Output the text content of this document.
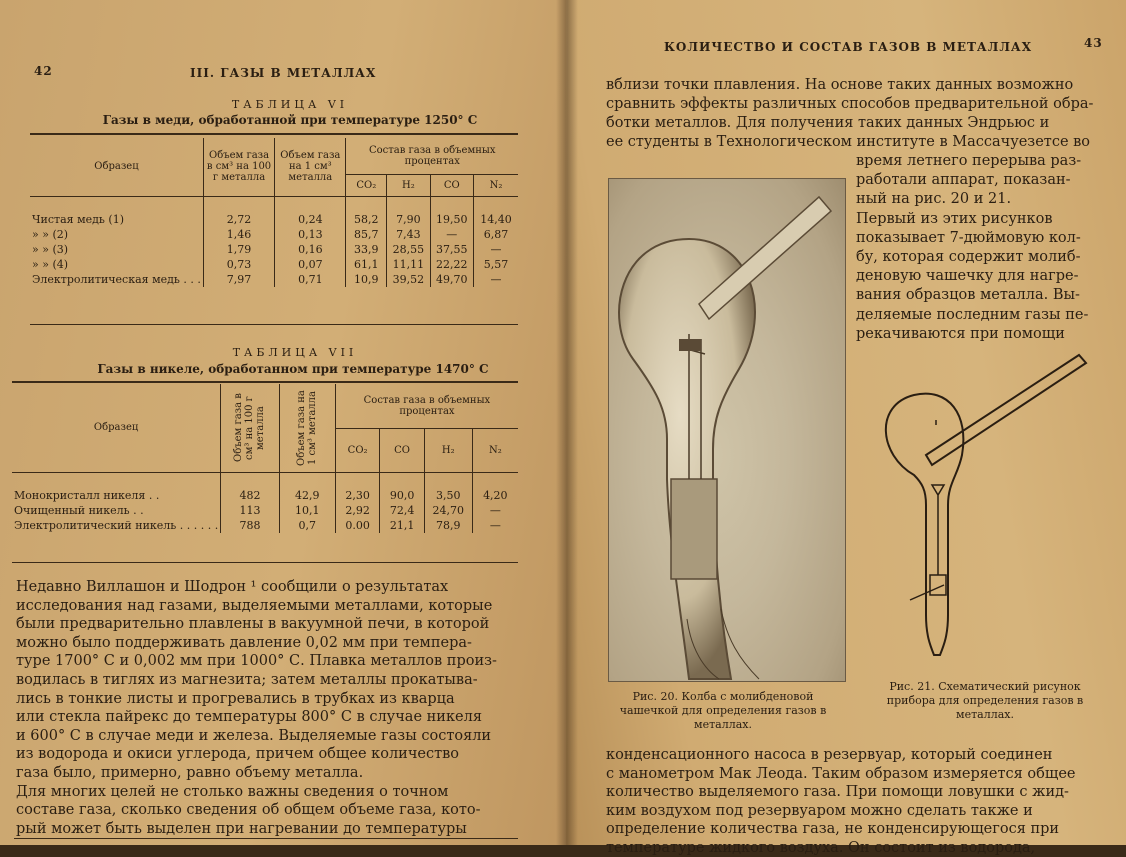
42	III. ГАЗЫ В МЕТАЛЛАХ
ТАБЛИЦА VI
Газы в меди, обработанной при температуре 1250° С
Образец	Объем газа в см³ на 100 г металла	Объем газа на 1 см³ металла	Состав газа в объемных процентах			
			CO₂	H₂	CO	N₂

Чистая медь (1)	2,72	0,24	58,2	7,90	19,50	14,40
» » (2)	1,46	0,13	85,7	7,43	—	6,87
» » (3)	1,79	0,16	33,9	28,55	37,55	—
» » (4)	0,73	0,07	61,1	11,11	22,22	5,57
Электролитическая медь . . .	7,97	0,71	10,9	39,52	49,70	—
ТАБЛИЦА VII
Газы в никеле, обработанном при температуре 1470° С
Образец	Объем газа в см³ на 100 г металла	Объем газа на 1 см³ металла	Состав газа в объемных процентах			
			CO₂	CO	H₂	N₂

Монокристалл никеля . .	482	42,9	2,30	90,0	3,50	4,20
Очищенный никель . .	113	10,1	2,92	72,4	24,70	—
Электролитический никель . . . . . .	788	0,7	0.00	21,1	78,9	—
Недавно Виллашон и Шодрон ¹ сообщили о результатах
исследования над газами, выделяемыми металлами, которые
были предварительно плавлены в вакуумной печи, в которой
можно было поддерживать давление 0,02 мм при темпера-
туре 1700° С и 0,002 мм при 1000° С. Плавка металлов произ-
водилась в тиглях из магнезита; затем металлы прокатыва-
лись в тонкие листы и прогревались в трубках из кварца
или стекла пайрекс до температуры 800° С в случае никеля
и 600° С в случае меди и железа. Выделяемые газы состояли
из водорода и окиси углерода, причем общее количество
газа было, примерно, равно объему металла.
Для многих целей не столько важны сведения о точном
составе газа, сколько сведения об общем объеме газа, кото-
рый может быть выделен при нагревании до температуры
КОЛИЧЕСТВО И СОСТАВ ГАЗОВ В МЕТАЛЛАХ	43
вблизи точки плавления. На основе таких данных возможно
сравнить эффекты различных способов предварительной обра-
ботки металлов. Для получения таких данных Эндрьюс и
ее студенты в Технологическом институте в Массачуезетсе во
время летнего перерыва раз-
работали аппарат, показан-
ный на рис. 20 и 21.
Первый из этих рисунков
показывает 7-дюймовую кол-
бу, которая содержит молиб-
деновую чашечку для нагре-
вания образцов металла. Вы-
деляемые последним газы пе-
рекачиваются при помощи
конденсационного насоса в резервуар, который соединен
с манометром Мак Леода. Таким образом измеряется общее
количество выделяемого газа. При помощи ловушки с жид-
ким воздухом под резервуаром можно сделать также и
определение количества газа, не конденсирующегося при
температуре жидкого воздуха. Он состоит из водорода,
Рис. 20. Колба с молибденовой чашечкой для определения газов в металлах.
Рис. 21. Схематический рисунок прибора для определения газов в металлах.
